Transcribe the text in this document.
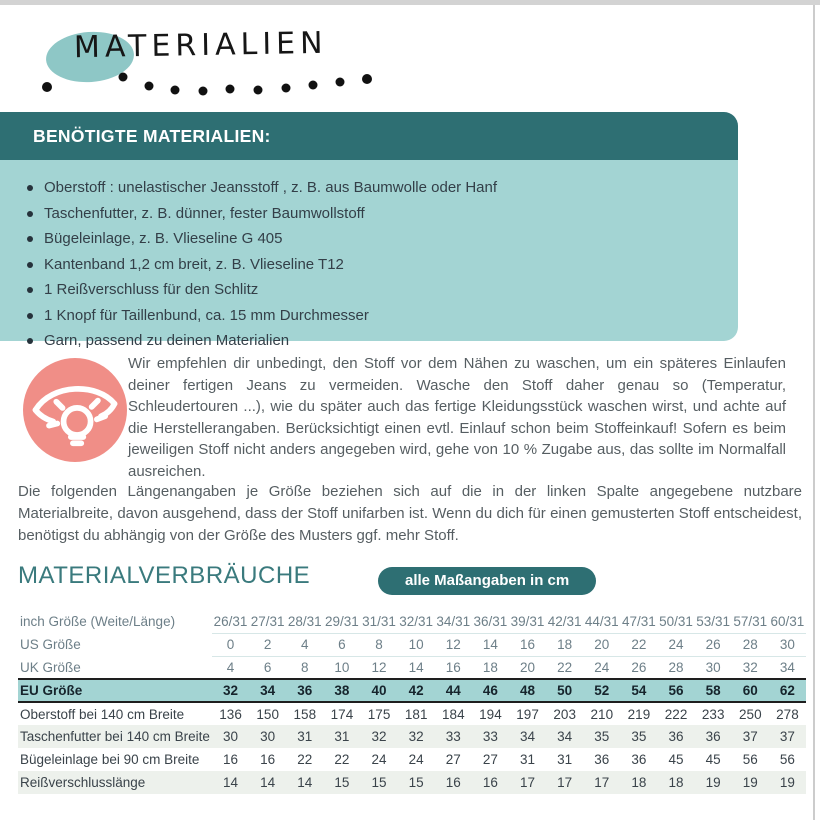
MATERIALIEN
BENÖTIGTE MATERIALIEN:
Oberstoff : unelastischer Jeansstoff , z. B. aus Baumwolle oder Hanf
Taschenfutter, z. B. dünner, fester Baumwollstoff
Bügeleinlage, z. B. Vlieseline G 405
Kantenband 1,2 cm breit, z. B. Vlieseline T12
1 Reißverschluss für den Schlitz
1 Knopf für Taillenbund, ca. 15 mm Durchmesser
Garn, passend zu deinen Materialien

Wir empfehlen dir unbedingt, den Stoff vor dem Nähen zu waschen, um ein späteres Einlaufen deiner fertigen Jeans zu vermeiden. Wasche den Stoff daher genau so (Temperatur, Schleudertouren ...), wie du später auch das fertige Kleidungsstück waschen wirst, und achte auf die Herstellerangaben. Berücksichtigt einen evtl. Einlauf schon beim Stoffeinkauf! Sofern es beim jeweiligen Stoff nicht anders angegeben wird, gehe von 10 % Zugabe aus, das sollte im Normalfall ausreichen.

Die folgenden Längenangaben je Größe beziehen sich auf die in der linken Spalte angegebene nutzbare Materialbreite, davon ausgehend, dass der Stoff unifarben ist. Wenn du dich für einen gemusterten Stoff entscheidest, benötigst du abhängig von der Größe des Musters ggf. mehr Stoff.

MATERIALVERBRÄUCHE	alle Maßangaben in cm
inch Größe (Weite/Länge)	26/31	27/31	28/31	29/31	31/31	32/31	34/31	36/31	39/31	42/31	44/31	47/31	50/31	53/31	57/31	60/31
US Größe	0	2	4	6	8	10	12	14	16	18	20	22	24	26	28	30
UK Größe	4	6	8	10	12	14	16	18	20	22	24	26	28	30	32	34
EU Größe	32	34	36	38	40	42	44	46	48	50	52	54	56	58	60	62
Oberstoff bei 140 cm Breite	136	150	158	174	175	181	184	194	197	203	210	219	222	233	250	278
Taschenfutter bei 140 cm Breite	30	30	31	31	32	32	33	33	34	34	35	35	36	36	37	37
Bügeleinlage bei 90 cm Breite	16	16	22	22	24	24	27	27	31	31	36	36	45	45	56	56
Reißverschlusslänge	14	14	14	15	15	15	16	16	17	17	17	18	18	19	19	19
